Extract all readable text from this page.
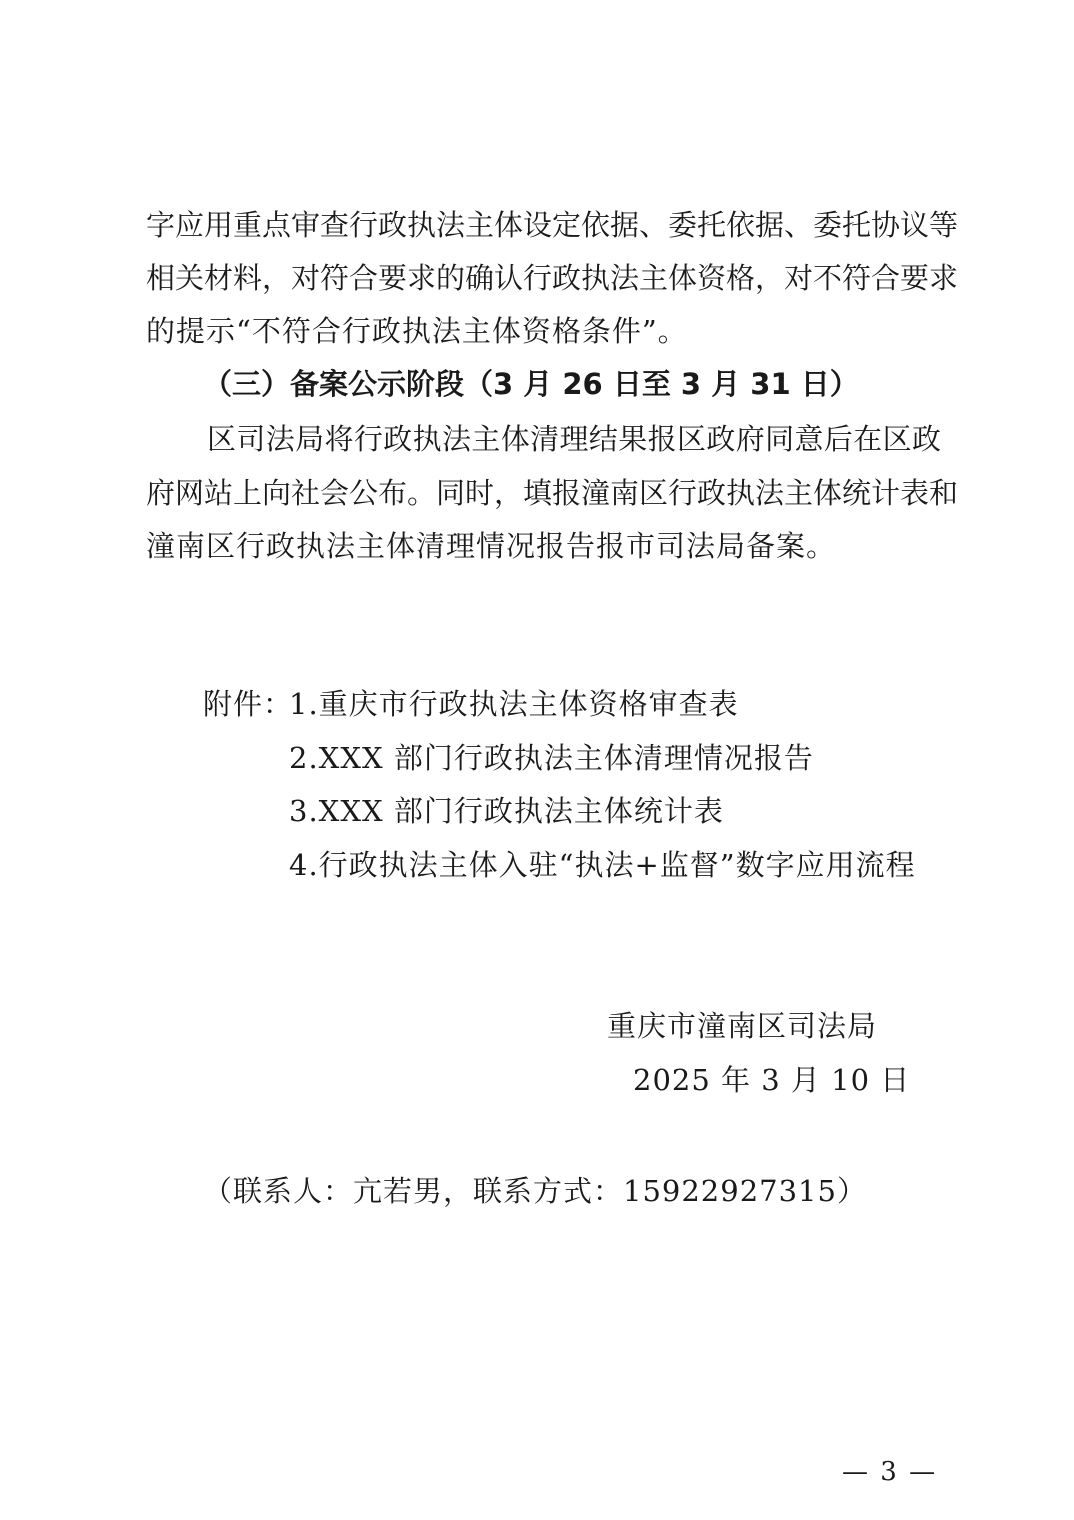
字应用重点审查行政执法主体设定依据、委托依据、委托协议等
相关材料，对符合要求的确认行政执法主体资格，对不符合要求
的提示“不符合行政执法主体资格条件”。
（三）备案公示阶段（3 月 26 日至 3 月 31 日）
区司法局将行政执法主体清理结果报区政府同意后在区政
府网站上向社会公布。同时，填报潼南区行政执法主体统计表和
潼南区行政执法主体清理情况报告报市司法局备案。
附件：
1.重庆市行政执法主体资格审查表
2.XXX 部门行政执法主体清理情况报告
3.XXX 部门行政执法主体统计表
4.行政执法主体入驻“执法+监督”数字应用流程
重庆市潼南区司法局
2025 年 3 月 10 日
（联系人：亢若男，联系方式：15922927315）
— 3 —
